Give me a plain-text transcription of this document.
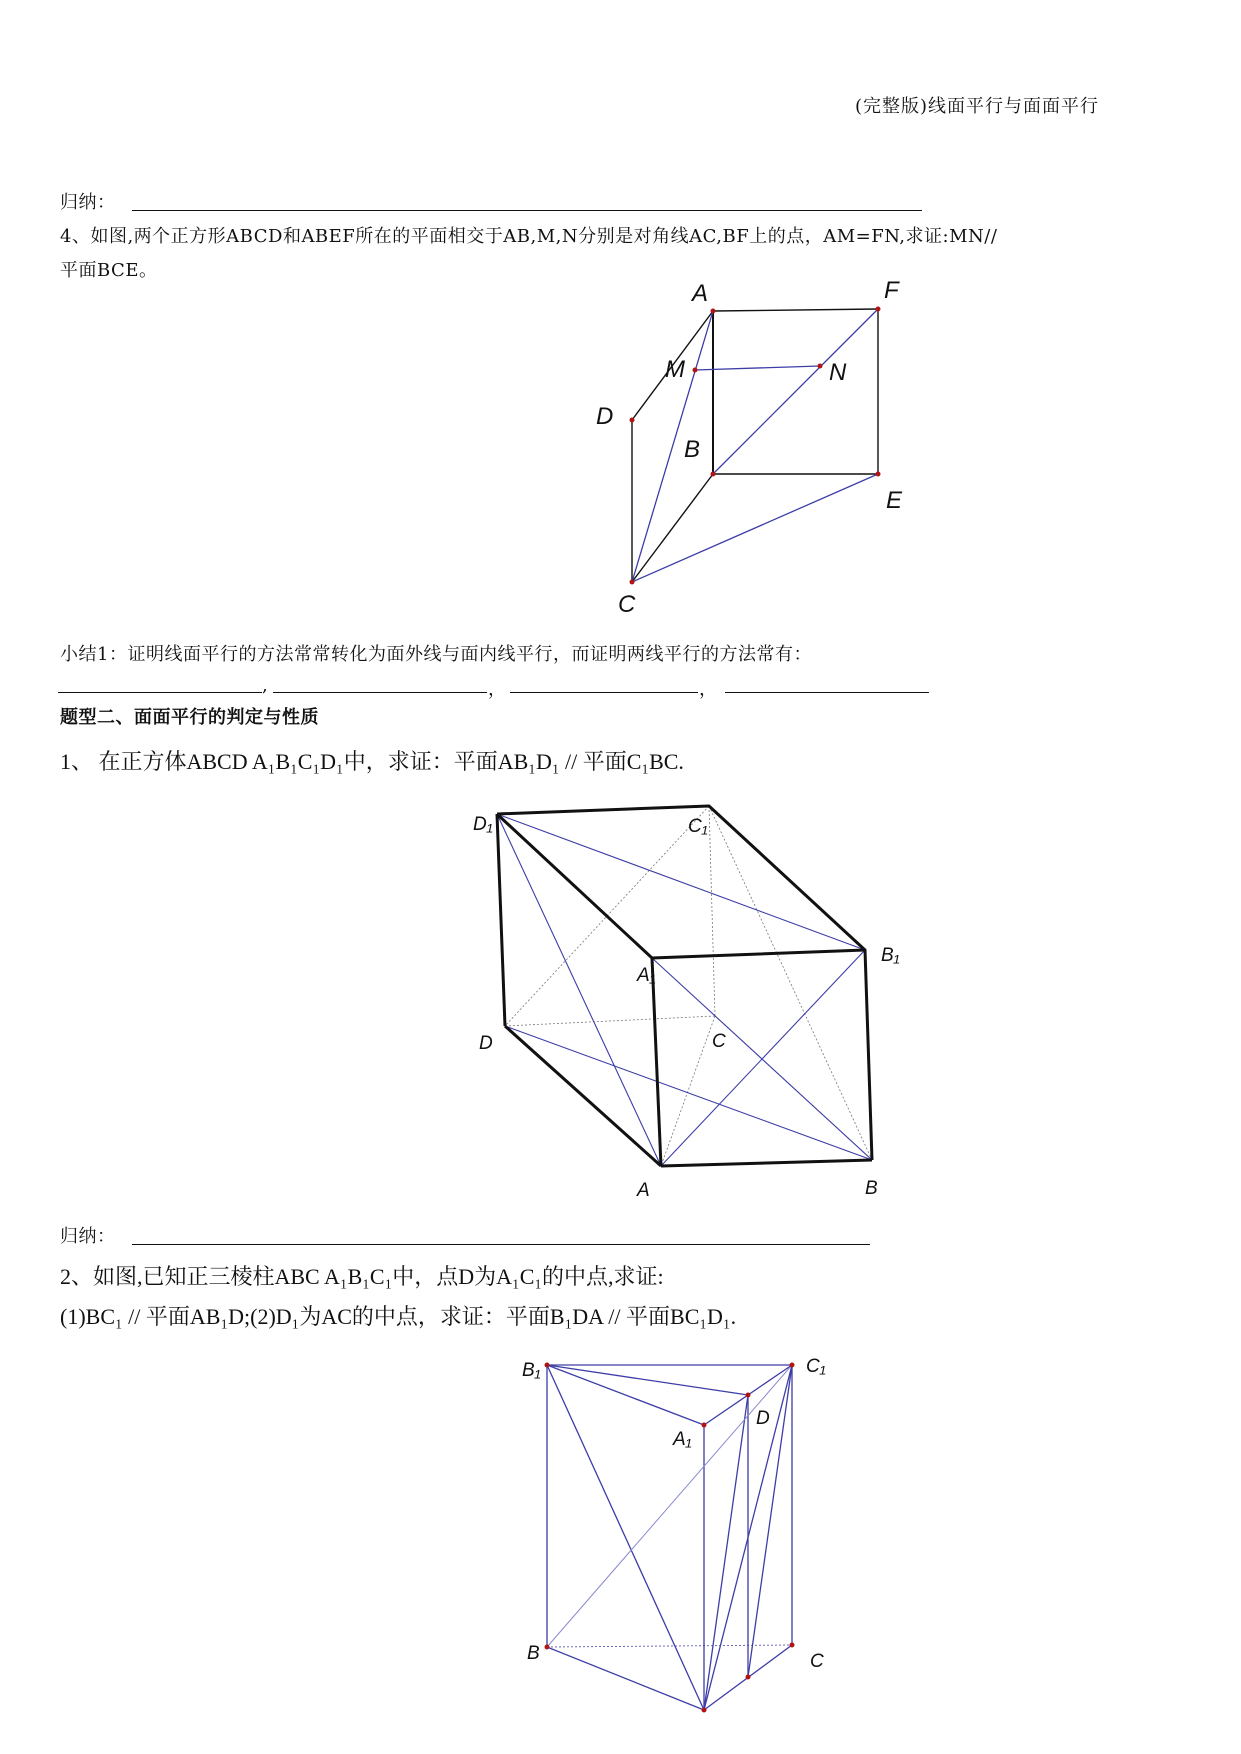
(完整版)线面平行与面面平行
归纳：
4、如图,两个正方形ABCD和ABEF所在的平面相交于AB,M,N分别是对角线AC,BF上的点，AM=FN,求证:MN//
平面BCE。
A	F
M	N
D
B
E
C
小结1：证明线面平行的方法常常转化为面外线与面内线平行，而证明两线平行的方法常有：
,	，	，
题型二、面面平行的判定与性质
1、 在正方体ABCD A₁B₁C₁D₁中，求证：平面AB₁D₁ // 平面C₁BC.
D₁	C₁
B₁
A₁
D	C
A	B
归纳：
2、如图,已知正三棱柱ABC A₁B₁C₁中，点D为A₁C₁的中点,求证:
(1)BC₁ // 平面AB₁D;(2)D₁为AC的中点，求证：平面B₁DA // 平面BC₁D₁.
B₁	C₁
D
A₁
B	C
